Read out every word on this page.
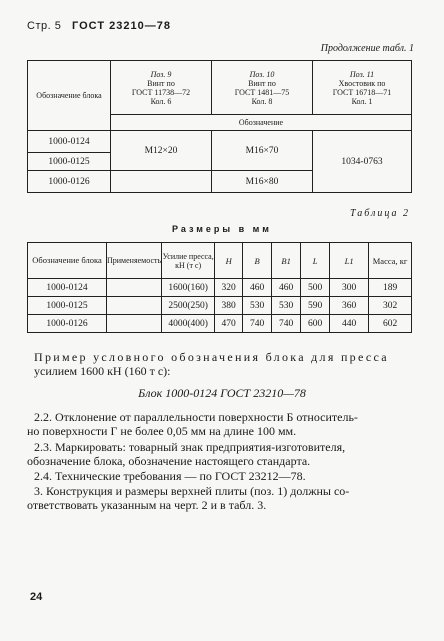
Стр. 5 ГОСТ 23210—78
Продолжение табл. 1
Обозначение блока	Поз. 9
Винт по
ГОСТ 11738—72
Кол. 6	Поз. 10
Винт по
ГОСТ 1481—75
Кол. 8	Поз. 11
Хвостовик по
ГОСТ 16718—71
Кол. 1
	Обозначение		
1000-0124	М12×20	М16×70	1034-0763
1000-0125			
1000-0126		М16×80	
Таблица 2
Размеры в мм
Обозначение блока	Применяемость	Усилие пресса, кН (т с)	H	B	B1	L	L1	Масса, кг
1000-0124		1600(160)	320	460	460	500	300	189
1000-0125		2500(250)	380	530	530	590	360	302
1000-0126		4000(400)	470	740	740	600	440	602
Пример условного обозначения блока для пресса
усилием 1600 кН (160 т с):
Блок 1000-0124 ГОСТ 23210—78
2.2. Отклонение от параллельности поверхности Б относитель-
но поверхности Г не более 0,05 мм на длине 100 мм.
2.3. Маркировать: товарный знак предприятия-изготовителя,
обозначение блока, обозначение настоящего стандарта.
2.4. Технические требования — по ГОСТ 23212—78.
3. Конструкция и размеры верхней плиты (поз. 1) должны со-
ответствовать указанным на черт. 2 и в табл. 3.
24
